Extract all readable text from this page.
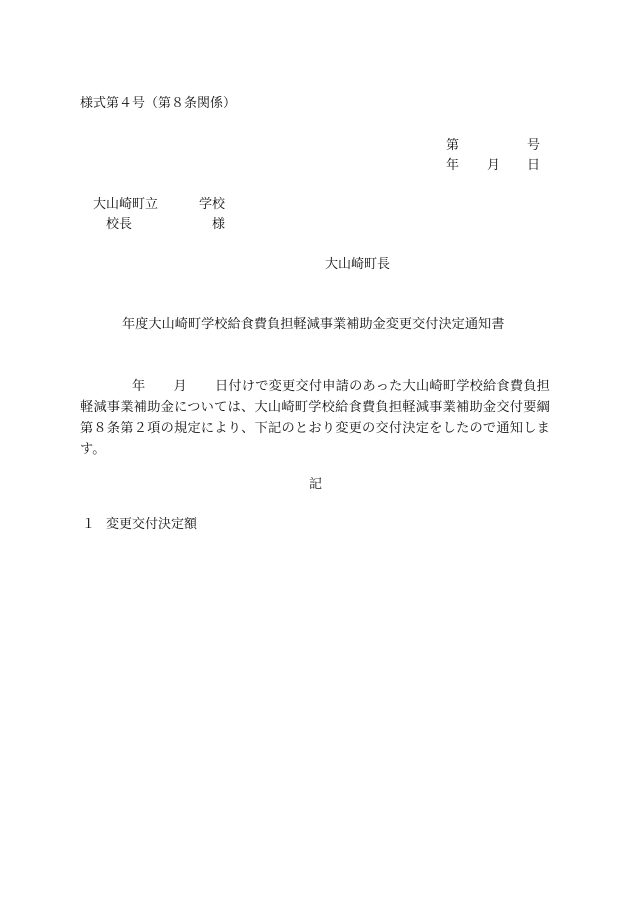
様式第４号（第８条関係）
第	号
年 月 日
大山崎町立	学校
校長	様
大山崎町長
年度大山崎町学校給食費負担軽減事業補助金変更交付決定通知書
年 月 日付けで変更交付申請のあった大山崎町学校給食費負担軽減事業補助金については、大山崎町学校給食費負担軽減事業補助金交付要綱第８条第２項の規定により、下記のとおり変更の交付決定をしたので通知します。
記
１ 変更交付決定額
